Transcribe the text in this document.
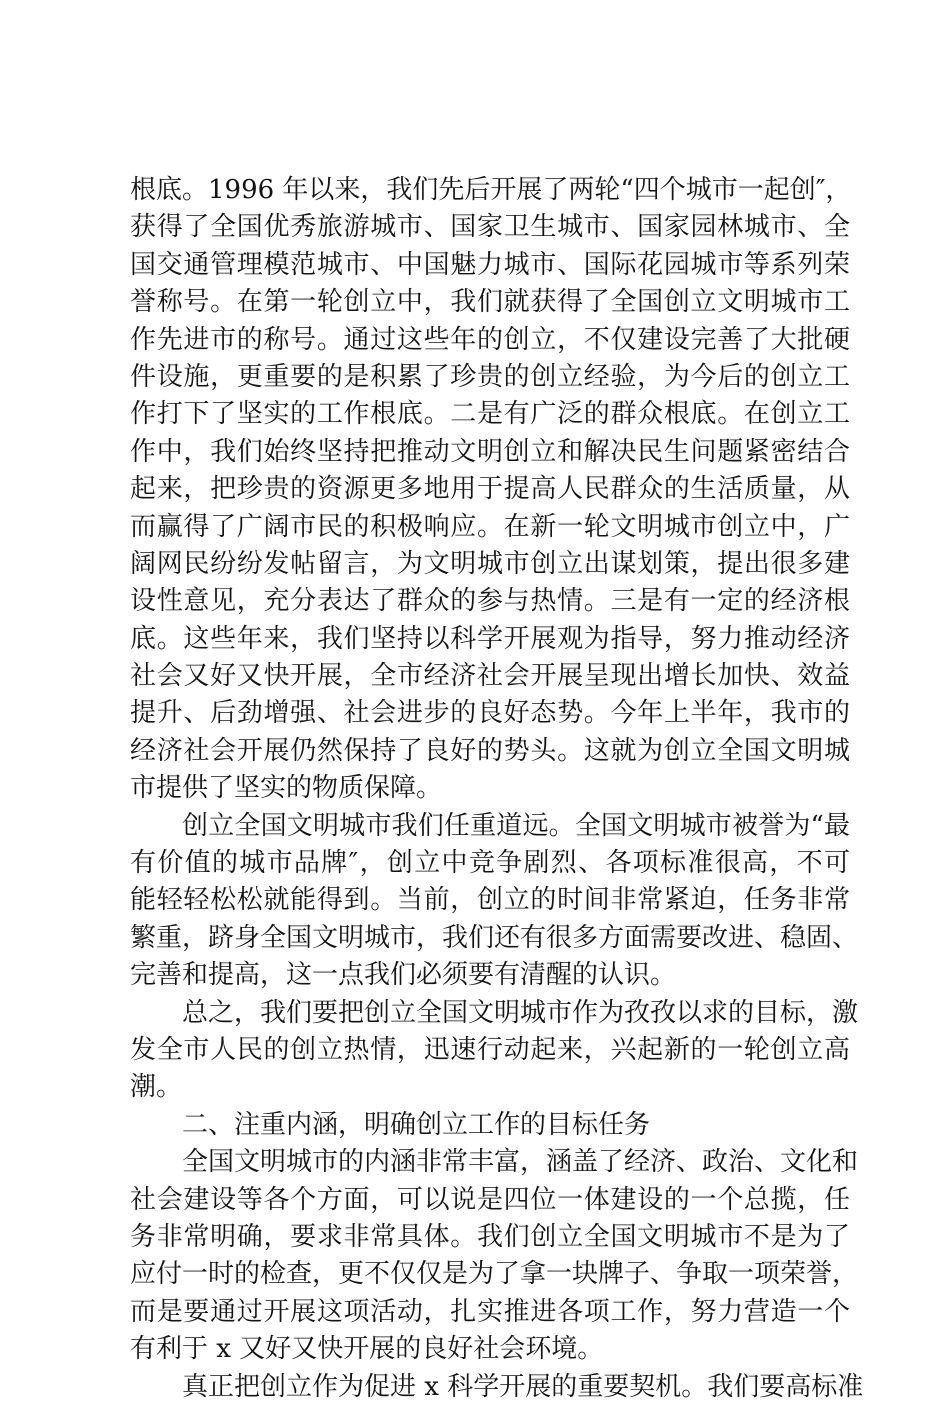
根底。1996 年以来，我们先后开展了两轮“四个城市一起创″，
获得了全国优秀旅游城市、国家卫生城市、国家园林城市、全
国交通管理模范城市、中国魅力城市、国际花园城市等系列荣
誉称号。在第一轮创立中，我们就获得了全国创立文明城市工
作先进市的称号。通过这些年的创立，不仅建设完善了大批硬
件设施，更重要的是积累了珍贵的创立经验，为今后的创立工
作打下了坚实的工作根底。二是有广泛的群众根底。在创立工
作中，我们始终坚持把推动文明创立和解决民生问题紧密结合
起来，把珍贵的资源更多地用于提高人民群众的生活质量，从
而赢得了广阔市民的积极响应。在新一轮文明城市创立中，广
阔网民纷纷发帖留言，为文明城市创立出谋划策，提出很多建
设性意见，充分表达了群众的参与热情。三是有一定的经济根
底。这些年来，我们坚持以科学开展观为指导，努力推动经济
社会又好又快开展，全市经济社会开展呈现出增长加快、效益
提升、后劲增强、社会进步的良好态势。今年上半年，我市的
经济社会开展仍然保持了良好的势头。这就为创立全国文明城
市提供了坚实的物质保障。
创立全国文明城市我们任重道远。全国文明城市被誉为“最
有价值的城市品牌″，创立中竞争剧烈、各项标准很高，不可
能轻轻松松就能得到。当前，创立的时间非常紧迫，任务非常
繁重，跻身全国文明城市，我们还有很多方面需要改进、稳固、
完善和提高，这一点我们必须要有清醒的认识。
总之，我们要把创立全国文明城市作为孜孜以求的目标，激
发全市人民的创立热情，迅速行动起来，兴起新的一轮创立高
潮。
二、注重内涵，明确创立工作的目标任务
全国文明城市的内涵非常丰富，涵盖了经济、政治、文化和
社会建设等各个方面，可以说是四位一体建设的一个总揽，任
务非常明确，要求非常具体。我们创立全国文明城市不是为了
应付一时的检查，更不仅仅是为了拿一块牌子、争取一项荣誉，
而是要通过开展这项活动，扎实推进各项工作，努力营造一个
有利于 x 又好又快开展的良好社会环境。
真正把创立作为促进 x 科学开展的重要契机。我们要高标准
